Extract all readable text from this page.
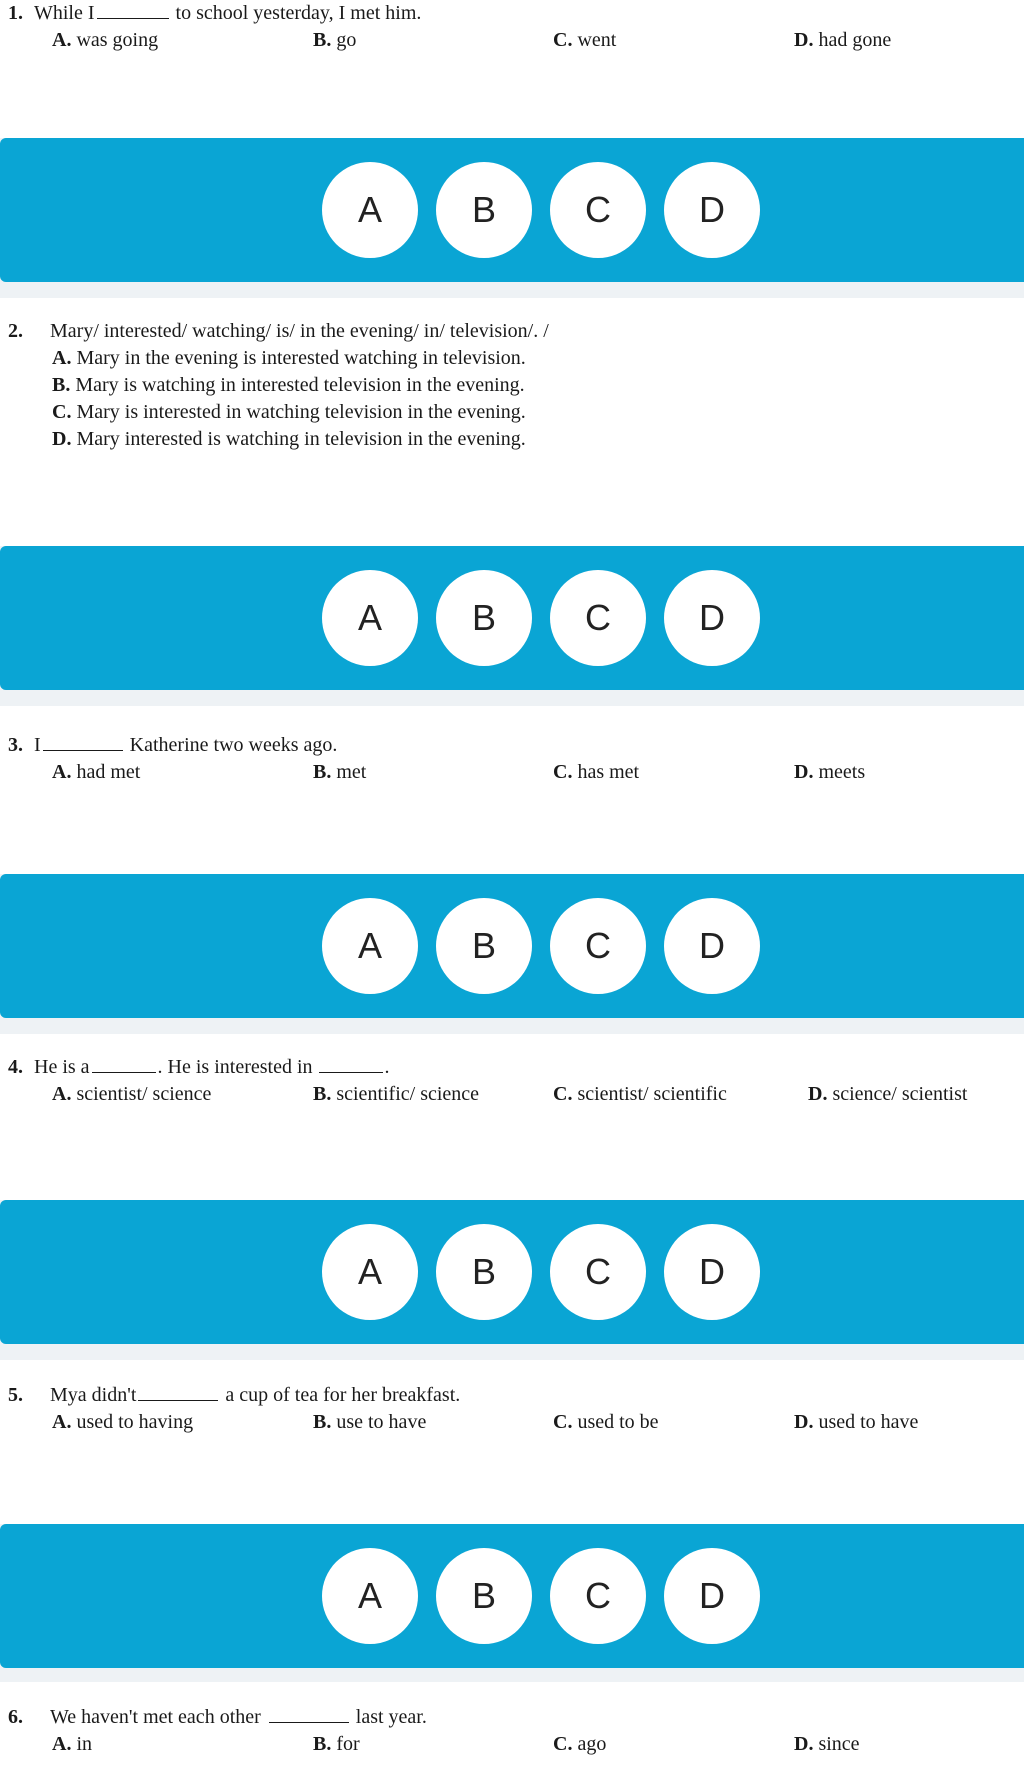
1. While I	to school yesterday, I met him.
A. was going	B. go	C. went	D. had gone
A	B	C	D
2. Mary/ interested/ watching/ is/ in the evening/ in/ television/. /
A. Mary in the evening is interested watching in television.
B. Mary is watching in interested television in the evening.
C. Mary is interested in watching television in the evening.
D. Mary interested is watching in television in the evening.
A	B	C	D
3. I	Katherine two weeks ago.
A. had met	B. met	C. has met	D. meets
A	B	C	D
4. He is a	. He is interested in	.
A. scientist/ science	B. scientific/ science	C. scientist/ scientific	D. science/ scientist
A	B	C	D
5. Mya didn't	a cup of tea for her breakfast.
A. used to having	B. use to have	C. used to be	D. used to have
A	B	C	D
6. We haven't met each other	last year.
A. in	B. for	C. ago	D. since
